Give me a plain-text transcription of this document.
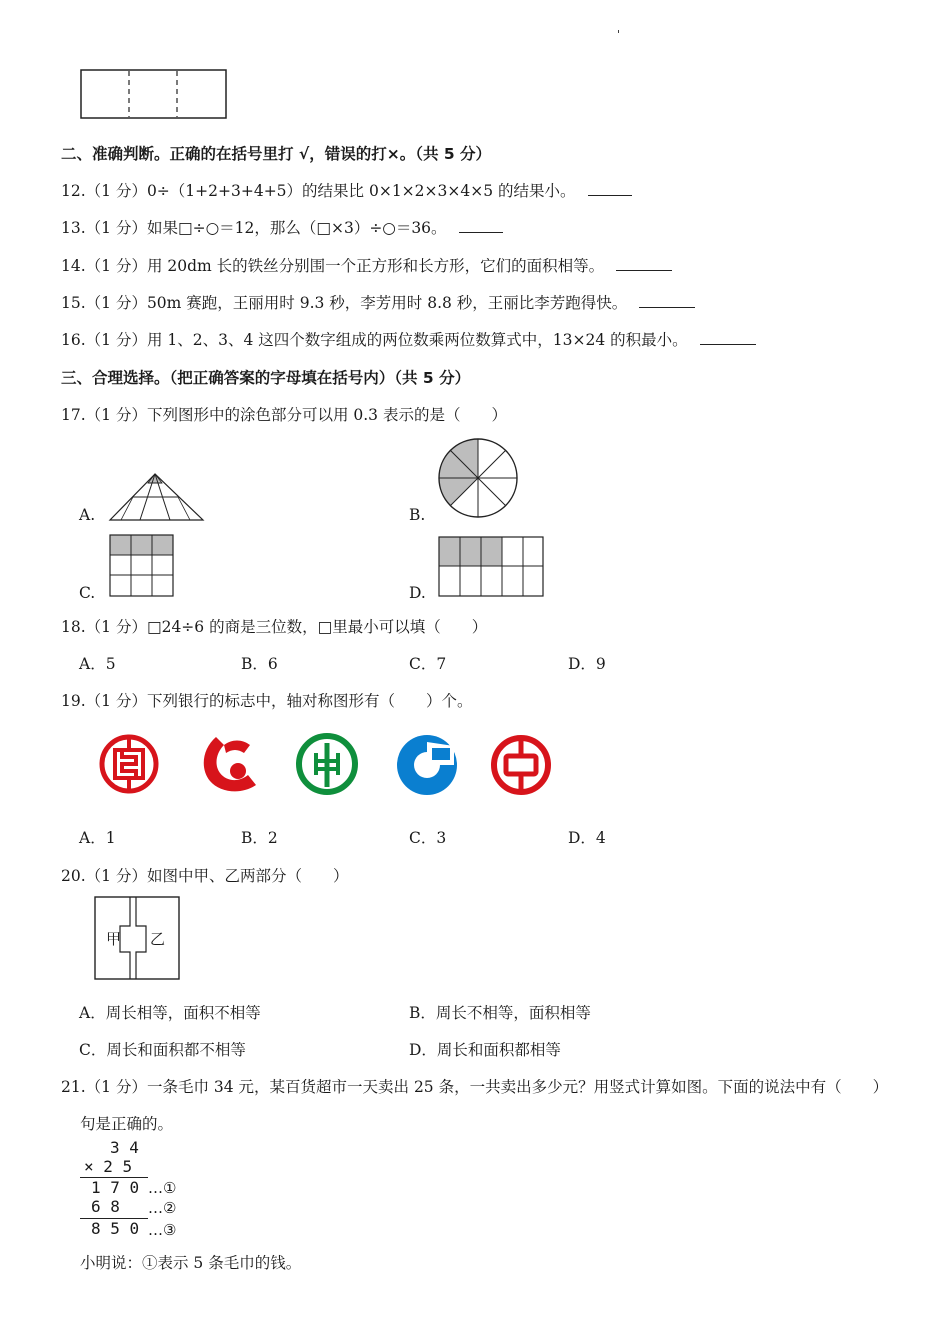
'
二、准确判断。正确的在括号里打 √，错误的打×。（共 5 分）
12.（1 分）0÷（1+2+3+4+5）的结果比 0×1×2×3×4×5 的结果小。
13.（1 分）如果□÷○＝12，那么（□×3）÷○＝36。
14.（1 分）用 20dm 长的铁丝分别围一个正方形和长方形，它们的面积相等。
15.（1 分）50m 赛跑，王丽用时 9.3 秒，李芳用时 8.8 秒，王丽比李芳跑得快。
16.（1 分）用 1、2、3、4 这四个数字组成的两位数乘两位数算式中，13×24 的积最小。
三、合理选择。（把正确答案的字母填在括号内）（共 5 分）
17.（1 分）下列图形中的涂色部分可以用 0.3 表示的是（　　）
A.	B.
C.	D.
18.（1 分）□24÷6 的商是三位数，□里最小可以填（　　）
A．5	B．6	C．7	D．9
19.（1 分）下列银行的标志中，轴对称图形有（　　）个。
A．1	B．2	C．3	D．4
20.（1 分）如图中甲、乙两部分（　　）
甲 乙
A．周长相等，面积不相等	B．周长不相等，面积相等
C．周长和面积都不相等	D．周长和面积都相等
21.（1 分）一条毛巾 34 元，某百货超市一天卖出 25 条，一共卖出多少元？用竖式计算如图。下面的说法中有（　　）
句是正确的。
3 4
× 2 5
1 7 0 …①
6 8 …②
8 5 0 …③
小明说：①表示 5 条毛巾的钱。
